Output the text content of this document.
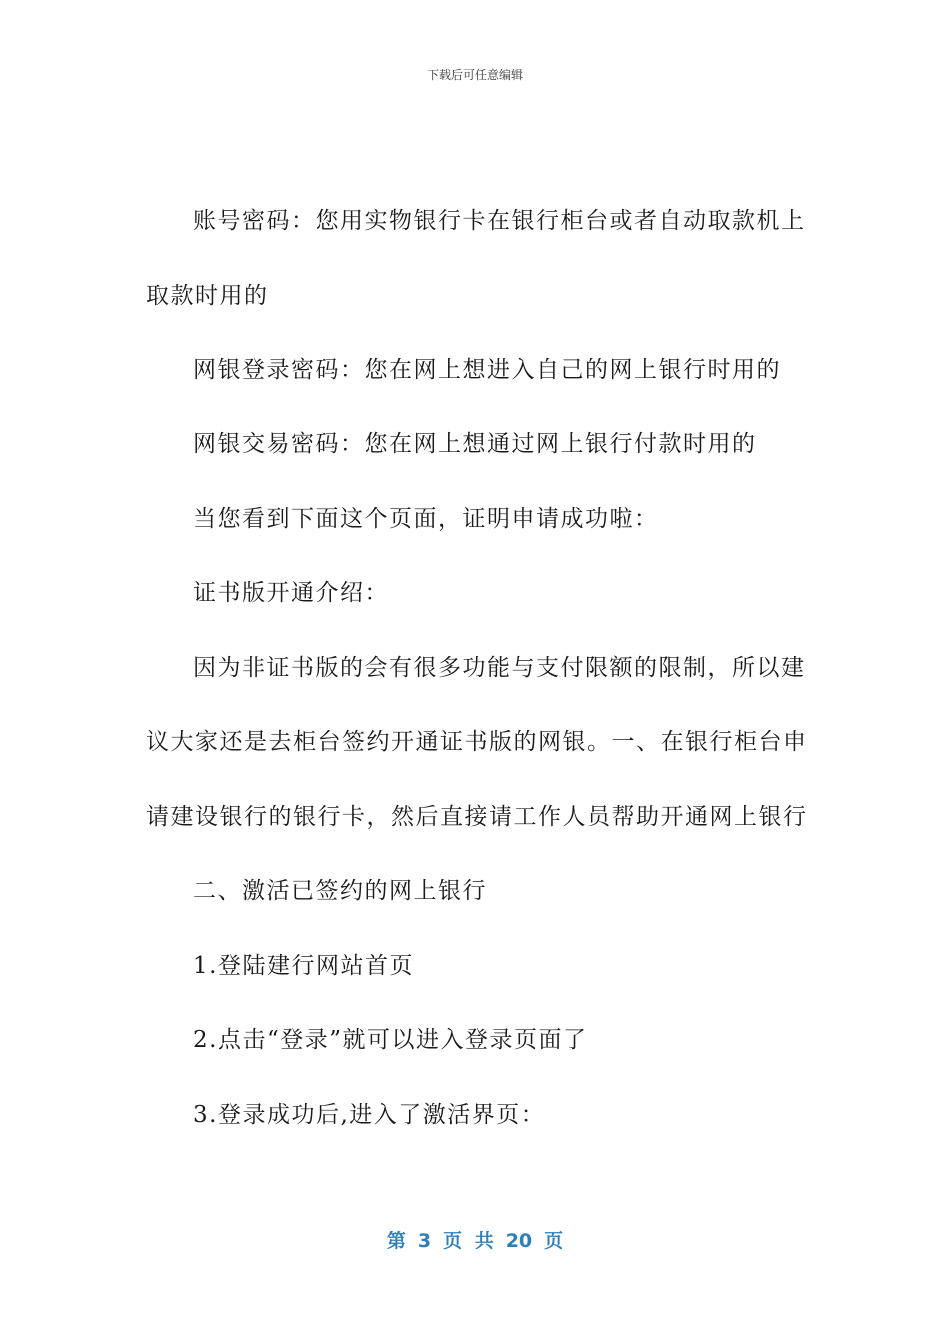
下载后可任意编辑
账号密码：您用实物银行卡在银行柜台或者自动取款机上
取款时用的
网银登录密码：您在网上想进入自己的网上银行时用的
网银交易密码：您在网上想通过网上银行付款时用的
当您看到下面这个页面，证明申请成功啦：
证书版开通介绍：
因为非证书版的会有很多功能与支付限额的限制，所以建
议大家还是去柜台签约开通证书版的网银。一、在银行柜台申
请建设银行的银行卡，然后直接请工作人员帮助开通网上银行
二、激活已签约的网上银行
1.登陆建行网站首页
2.点击“登录”就可以进入登录页面了
3.登录成功后,进入了激活界页：
第 3 页 共 20 页
